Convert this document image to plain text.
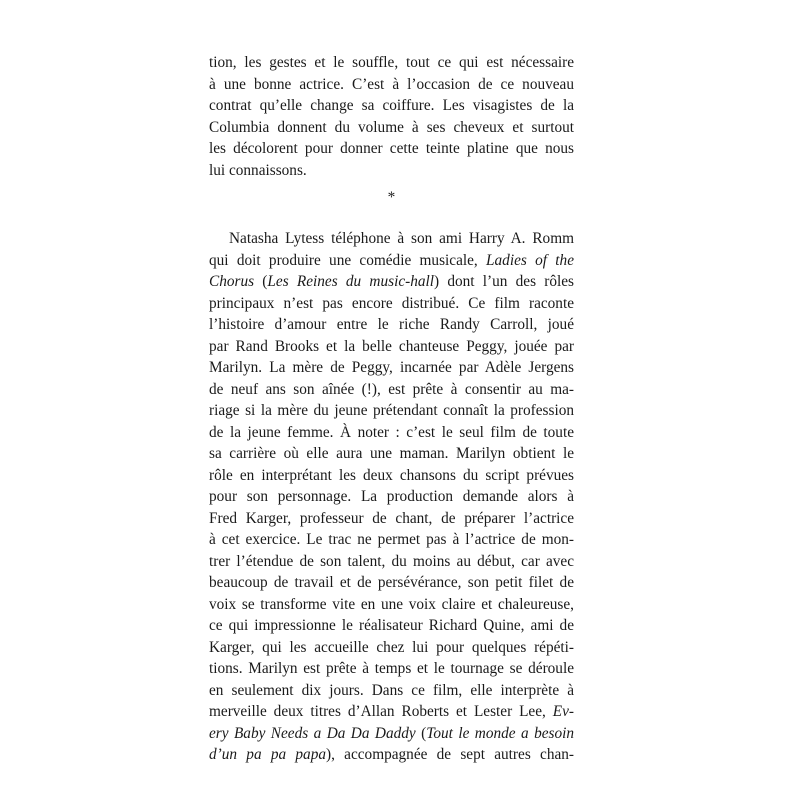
tion, les gestes et le souffle, tout ce qui est nécessaire
à une bonne actrice. C’est à l’occasion de ce nouveau
contrat qu’elle change sa coiffure. Les visagistes de la
Columbia donnent du volume à ses cheveux et surtout
les décolorent pour donner cette teinte platine que nous
lui connaissons.
*
Natasha Lytess téléphone à son ami Harry A. Romm
qui doit produire une comédie musicale, Ladies of the
Chorus (Les Reines du music-hall) dont l’un des rôles
principaux n’est pas encore distribué. Ce film raconte
l’histoire d’amour entre le riche Randy Carroll, joué
par Rand Brooks et la belle chanteuse Peggy, jouée par
Marilyn. La mère de Peggy, incarnée par Adèle Jergens
de neuf ans son aînée (!), est prête à consentir au ma-
riage si la mère du jeune prétendant connaît la profession
de la jeune femme. À noter : c’est le seul film de toute
sa carrière où elle aura une maman. Marilyn obtient le
rôle en interprétant les deux chansons du script prévues
pour son personnage. La production demande alors à
Fred Karger, professeur de chant, de préparer l’actrice
à cet exercice. Le trac ne permet pas à l’actrice de mon-
trer l’étendue de son talent, du moins au début, car avec
beaucoup de travail et de persévérance, son petit filet de
voix se transforme vite en une voix claire et chaleureuse,
ce qui impressionne le réalisateur Richard Quine, ami de
Karger, qui les accueille chez lui pour quelques répéti-
tions. Marilyn est prête à temps et le tournage se déroule
en seulement dix jours. Dans ce film, elle interprète à
merveille deux titres d’Allan Roberts et Lester Lee, Ev-
ery Baby Needs a Da Da Daddy (Tout le monde a besoin
d’un pa pa papa), accompagnée de sept autres chan-
